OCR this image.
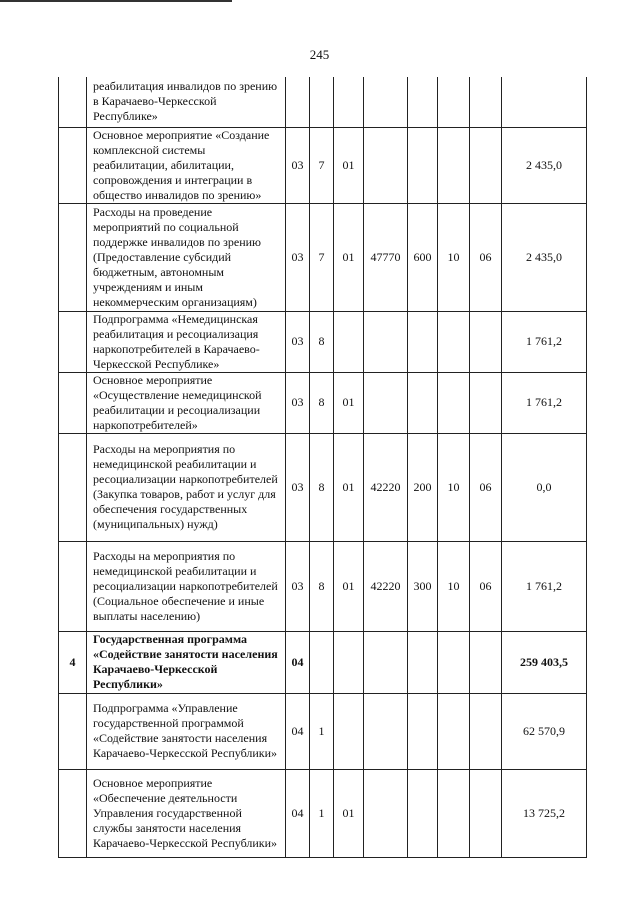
245
	реабилитация инвалидов по зрению в Карачаево-Черкесской Республике»								
	Основное мероприятие «Создание комплексной системы реабилитации, абилитации, сопровождения и интеграции в общество инвалидов по зрению»	03	7	01					2 435,0
	Расходы на проведение мероприятий по социальной поддержке инвалидов по зрению (Предоставление субсидий бюджетным, автономным учреждениям и иным некоммерческим организациям)	03	7	01	47770	600	10	06	2 435,0
	Подпрограмма «Немедицинская реабилитация и ресоциализация наркопотребителей в Карачаево-Черкесской Республике»	03	8						1 761,2
	Основное мероприятие «Осуществление немедицинской реабилитации и ресоциализации наркопотребителей»	03	8	01					1 761,2
	Расходы на мероприятия по немедицинской реабилитации и ресоциализации наркопотребителей (Закупка товаров, работ и услуг для обеспечения государственных (муниципальных) нужд)	03	8	01	42220	200	10	06	0,0
	Расходы на мероприятия по немедицинской реабилитации и ресоциализации наркопотребителей (Социальное обеспечение и иные выплаты населению)	03	8	01	42220	300	10	06	1 761,2
4	Государственная программа «Содействие занятости населения Карачаево-Черкесской Республики»	04							259 403,5
	Подпрограмма «Управление государственной программой «Содействие занятости населения Карачаево-Черкесской Республики»	04	1						62 570,9
	Основное мероприятие «Обеспечение деятельности Управления государственной службы занятости населения Карачаево-Черкесской Республики»	04	1	01					13 725,2
